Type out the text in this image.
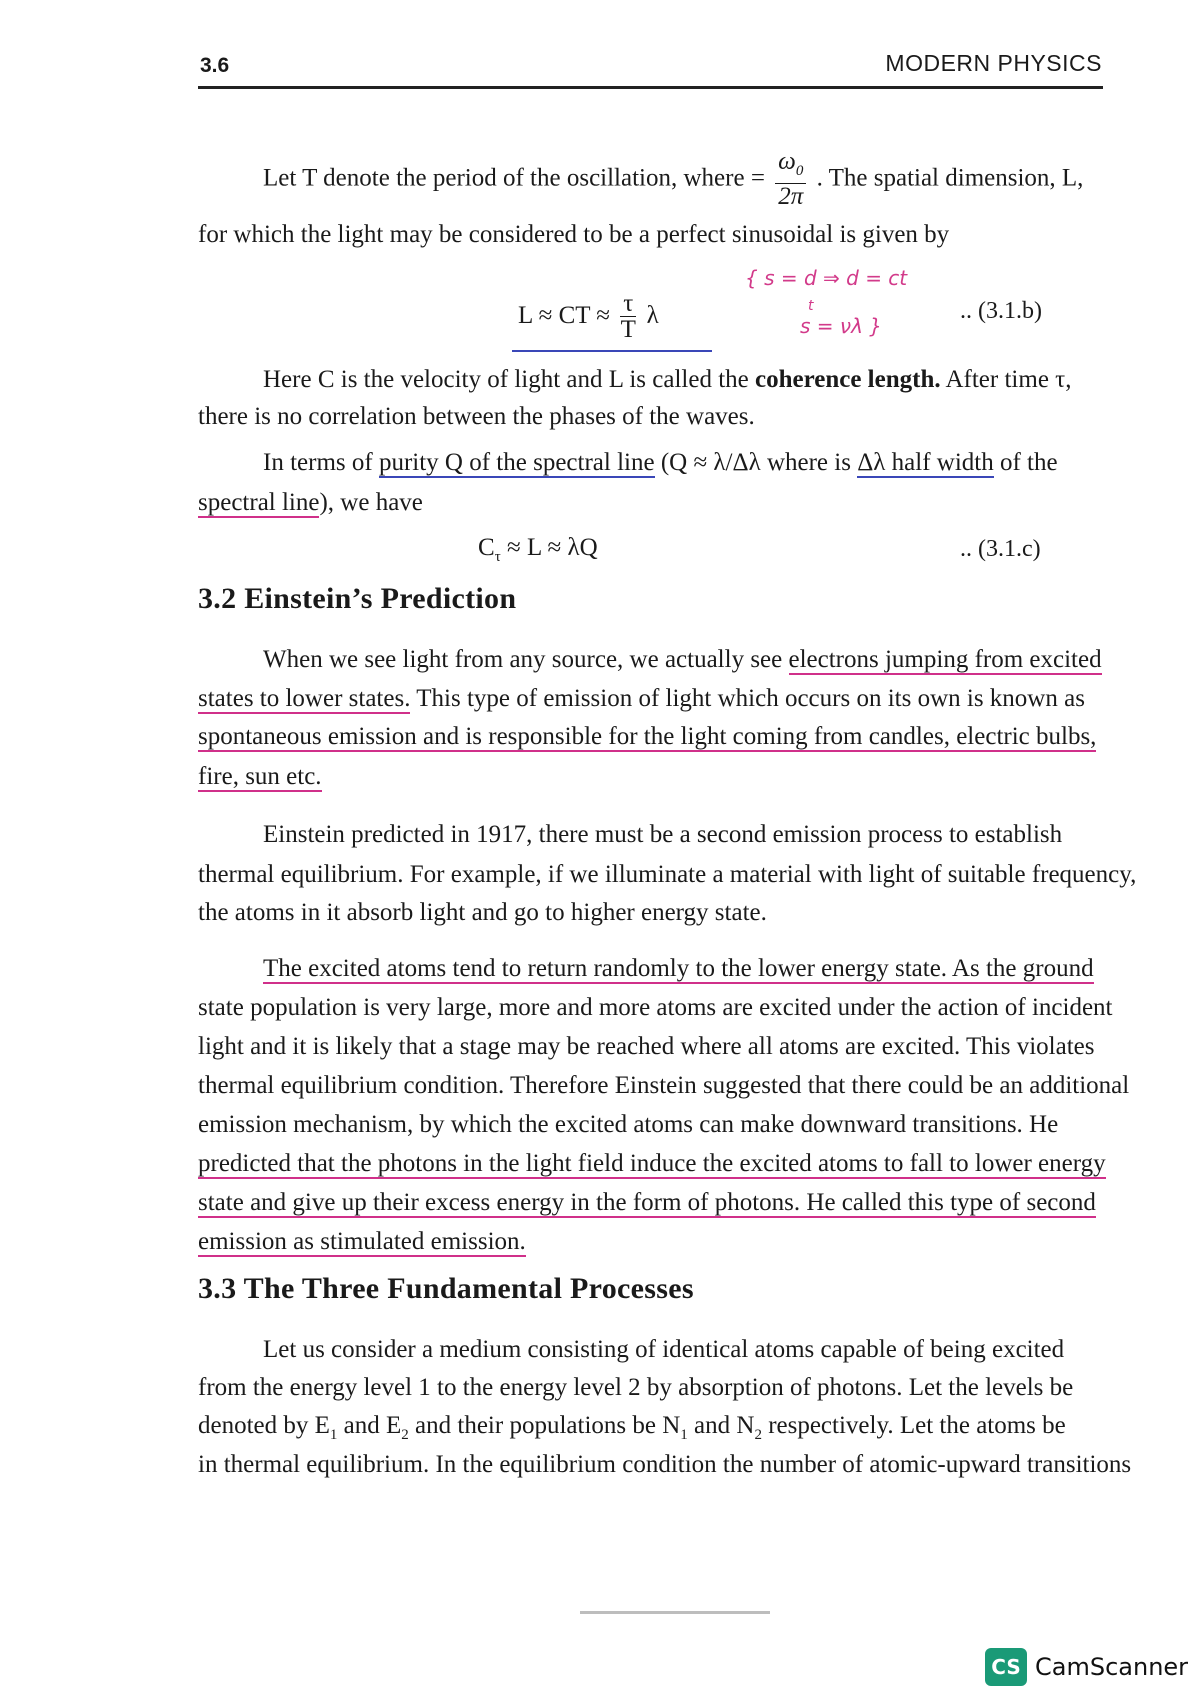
3.6	MODERN PHYSICS
Let T denote the period of the oscillation, where = $\frac{\omega_0}{2\pi}$ . The spatial dimension, L,
for which the light may be considered to be a perfect sinusoidal is given by
L ≈ CT ≈ $\frac{\tau}{T}$ λ	.. (3.1.b)
{ s = d ⇒ d = ct
t
s = νλ }
Here C is the velocity of light and L is called the coherence length. After time τ,
there is no correlation between the phases of the waves.
In terms of purity Q of the spectral line (Q ≈ λ/Δλ where is Δλ half width of the
spectral line), we have
$C_\tau \approx L \approx \lambda Q$	.. (3.1.c)
3.2 Einstein’s Prediction
When we see light from any source, we actually see electrons jumping from excited
states to lower states. This type of emission of light which occurs on its own is known as
spontaneous emission and is responsible for the light coming from candles, electric bulbs,
fire, sun etc.
Einstein predicted in 1917, there must be a second emission process to establish
thermal equilibrium. For example, if we illuminate a material with light of suitable frequency,
the atoms in it absorb light and go to higher energy state.
The excited atoms tend to return randomly to the lower energy state. As the ground
state population is very large, more and more atoms are excited under the action of incident
light and it is likely that a stage may be reached where all atoms are excited. This violates
thermal equilibrium condition. Therefore Einstein suggested that there could be an additional
emission mechanism, by which the excited atoms can make downward transitions. He
predicted that the photons in the light field induce the excited atoms to fall to lower energy
state and give up their excess energy in the form of photons. He called this type of second
emission as stimulated emission.
3.3 The Three Fundamental Processes
Let us consider a medium consisting of identical atoms capable of being excited
from the energy level 1 to the energy level 2 by absorption of photons. Let the levels be
denoted by $E_1$ and $E_2$ and their populations be $N_1$ and $N_2$ respectively. Let the atoms be
in thermal equilibrium. In the equilibrium condition the number of atomic-upward transitions
CS CamScanner
